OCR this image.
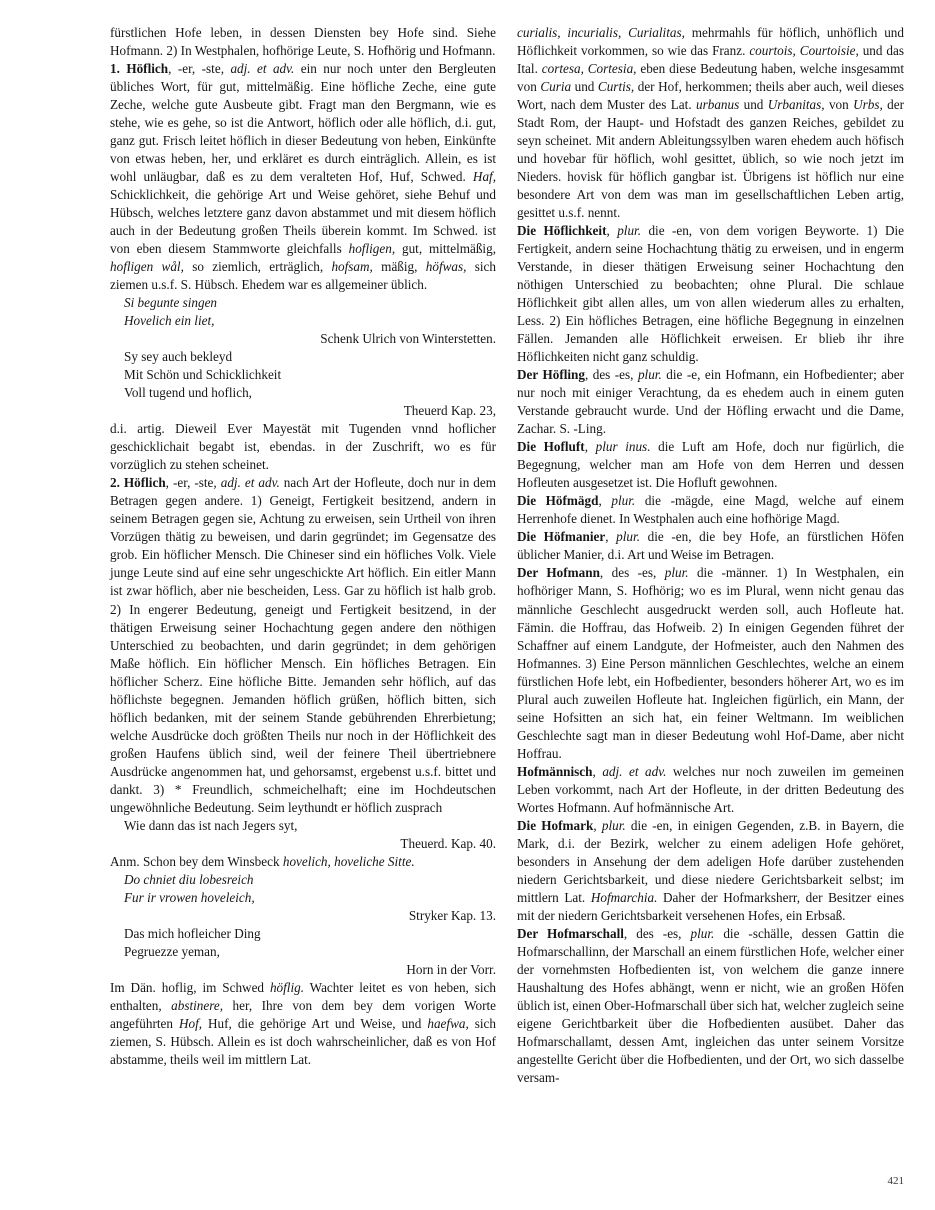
fürstlichen Hofe leben, in dessen Diensten bey Hofe sind. Siehe Hofmann. 2) In Westphalen, hofhörige Leute, S. Hofhörig und Hofmann.

1. Höflich, -er, -ste, adj. et adv. ein nur noch unter den Bergleuten übliches Wort, für gut, mittelmäßig. Eine höfliche Zeche, eine gute Zeche, welche gute Ausbeute gibt. Fragt man den Bergmann, wie es stehe, wie es gehe, so ist die Antwort, höflich oder alle höflich, d.i. gut, ganz gut. Frisch leitet höflich in dieser Bedeutung von heben, Einkünfte von etwas heben, her, und erkläret es durch einträglich. Allein, es ist wohl unläugbar, daß es zu dem veralteten Hof, Huf, Schwed. Haf, Schicklichkeit, die gehörige Art und Weise gehöret, siehe Behuf und Hübsch, welches letztere ganz davon abstammet und mit diesem höflich auch in der Bedeutung großen Theils überein kommt. Im Schwed. ist von eben diesem Stammworte gleichfalls hofligen, gut, mittelmäßig, hofligen wål, so ziemlich, erträglich, hofsam, mäßig, höfwas, sich ziemen u.s.f. S. Hübsch. Ehedem war es allgemeiner üblich.

Si begunte singen

Hovelich ein liet,

Schenk Ulrich von Winterstetten.

Sy sey auch bekleyd

Mit Schön und Schicklichkeit

Voll tugend und hoflich,

Theuerd Kap. 23,

d.i. artig. Dieweil Ever Mayestät mit Tugenden vnnd hoflicher geschicklichait begabt ist, ebendas. in der Zuschrift, wo es für vorzüglich zu stehen scheinet.

2. Höflich, -er, -ste, adj. et adv. nach Art der Hofleute, doch nur in dem Betragen gegen andere. 1) Geneigt, Fertigkeit besitzend, andern in seinem Betragen gegen sie, Achtung zu erweisen, sein Urtheil von ihren Vorzügen thätig zu beweisen, und darin gegründet; im Gegensatze des grob. Ein höflicher Mensch. Die Chineser sind ein höfliches Volk. Viele junge Leute sind auf eine sehr ungeschickte Art höflich. Ein eitler Mann ist zwar höflich, aber nie bescheiden, Less. Gar zu höflich ist halb grob. 2) In engerer Bedeutung, geneigt und Fertigkeit besitzend, in der thätigen Erweisung seiner Hochachtung gegen andere den nöthigen Unterschied zu beobachten, und darin gegründet; in dem gehörigen Maße höflich. Ein höflicher Mensch. Ein höfliches Betragen. Ein höflicher Scherz. Eine höfliche Bitte. Jemanden sehr höflich, auf das höflichste begegnen. Jemanden höflich grüßen, höflich bitten, sich höflich bedanken, mit der seinem Stande gebührenden Ehrerbietung; welche Ausdrücke doch größten Theils nur noch in der Höflichkeit des großen Haufens üblich sind, weil der feinere Theil übertriebnere Ausdrücke angenommen hat, und gehorsamst, ergebenst u.s.f. bittet und dankt. 3) * Freundlich, schmeichelhaft; eine im Hochdeutschen ungewöhnliche Bedeutung. Seim leythundt er höflich zusprach

Wie dann das ist nach Jegers syt,

Theuerd. Kap. 40.

Anm. Schon bey dem Winsbeck hovelich, hoveliche Sitte.

Do chniet diu lobesreich

Fur ir vrowen hoveleich,

Stryker Kap. 13.

Das mich hofleicher Ding

Pegruezze yeman,

Horn in der Vorr.

Im Dän. hoflig, im Schwed höflig. Wachter leitet es von heben, sich enthalten, abstinere, her, Ihre von dem bey dem vorigen Worte angeführten Hof, Huf, die gehörige Art und Weise, und haefwa, sich ziemen, S. Hübsch. Allein es ist doch wahrscheinlicher, daß es von Hof abstamme, theils weil im mittlern Lat.

curialis, incurialis, Curialitas, mehrmahls für höflich, unhöflich und Höflichkeit vorkommen, so wie das Franz. courtois, Courtoisie, und das Ital. cortesa, Cortesia, eben diese Bedeutung haben, welche insgesammt von Curia und Curtis, der Hof, herkommen; theils aber auch, weil dieses Wort, nach dem Muster des Lat. urbanus und Urbanitas, von Urbs, der Stadt Rom, der Haupt- und Hofstadt des ganzen Reiches, gebildet zu seyn scheinet. Mit andern Ableitungssylben waren ehedem auch höfisch und hovebar für höflich, wohl gesittet, üblich, so wie noch jetzt im Nieders. hovisk für höflich gangbar ist. Übrigens ist höflich nur eine besondere Art von dem was man im gesellschaftlichen Leben artig, gesittet u.s.f. nennt.

Die Höflichkeit, plur. die -en, von dem vorigen Beyworte. 1) Die Fertigkeit, andern seine Hochachtung thätig zu erweisen, und in engerm Verstande, in dieser thätigen Erweisung seiner Hochachtung den nöthigen Unterschied zu beobachten; ohne Plural. Die schlaue Höflichkeit gibt allen alles, um von allen wiederum alles zu erhalten, Less. 2) Ein höfliches Betragen, eine höfliche Begegnung in einzelnen Fällen. Jemanden alle Höflichkeit erweisen. Er blieb ihr ihre Höflichkeiten nicht ganz schuldig.

Der Höfling, des -es, plur. die -e, ein Hofmann, ein Hofbedienter; aber nur noch mit einiger Verachtung, da es ehedem auch in einem guten Verstande gebraucht wurde. Und der Höfling erwacht und die Dame, Zachar. S. -Ling.

Die Hofluft, plur inus. die Luft am Hofe, doch nur figürlich, die Begegnung, welcher man am Hofe von dem Herren und dessen Hofleuten ausgesetzet ist. Die Hofluft gewohnen.

Die Höfmägd, plur. die -mägde, eine Magd, welche auf einem Herrenhofe dienet. In Westphalen auch eine hofhörige Magd.

Die Höfmanier, plur. die -en, die bey Hofe, an fürstlichen Höfen üblicher Manier, d.i. Art und Weise im Betragen.

Der Hofmann, des -es, plur. die -männer. 1) In Westphalen, ein hofhöriger Mann, S. Hofhörig; wo es im Plural, wenn nicht genau das männliche Geschlecht ausgedruckt werden soll, auch Hofleute hat. Fämin. die Hoffrau, das Hofweib. 2) In einigen Gegenden führet der Schaffner auf einem Landgute, der Hofmeister, auch den Nahmen des Hofmannes. 3) Eine Person männlichen Geschlechtes, welche an einem fürstlichen Hofe lebt, ein Hofbedienter, besonders höherer Art, wo es im Plural auch zuweilen Hofleute hat. Ingleichen figürlich, ein Mann, der seine Hofsitten an sich hat, ein feiner Weltmann. Im weiblichen Geschlechte sagt man in dieser Bedeutung wohl Hof-Dame, aber nicht Hoffrau.

Hofmännisch, adj. et adv. welches nur noch zuweilen im gemeinen Leben vorkommt, nach Art der Hofleute, in der dritten Bedeutung des Wortes Hofmann. Auf hofmännische Art.

Die Hofmark, plur. die -en, in einigen Gegenden, z.B. in Bayern, die Mark, d.i. der Bezirk, welcher zu einem adeligen Hofe gehöret, besonders in Ansehung der dem adeligen Hofe darüber zustehenden niedern Gerichtsbarkeit, und diese niedere Gerichtsbarkeit selbst; im mittlern Lat. Hofmarchia. Daher der Hofmarksherr, der Besitzer eines mit der niedern Gerichtsbarkeit versehenen Hofes, ein Erbsaß.

Der Hofmarschall, des -es, plur. die -schälle, dessen Gattin die Hofmarschallinn, der Marschall an einem fürstlichen Hofe, welcher einer der vornehmsten Hofbedienten ist, von welchem die ganze innere Haushaltung des Hofes abhängt, wenn er nicht, wie an großen Höfen üblich ist, einen Ober-Hofmarschall über sich hat, welcher zugleich seine eigene Gerichtbarkeit über die Hofbedienten ausübet. Daher das Hofmarschallamt, dessen Amt, ingleichen das unter seinem Vorsitze angestellte Gericht über die Hofbedienten, und der Ort, wo sich dasselbe versam-

421
